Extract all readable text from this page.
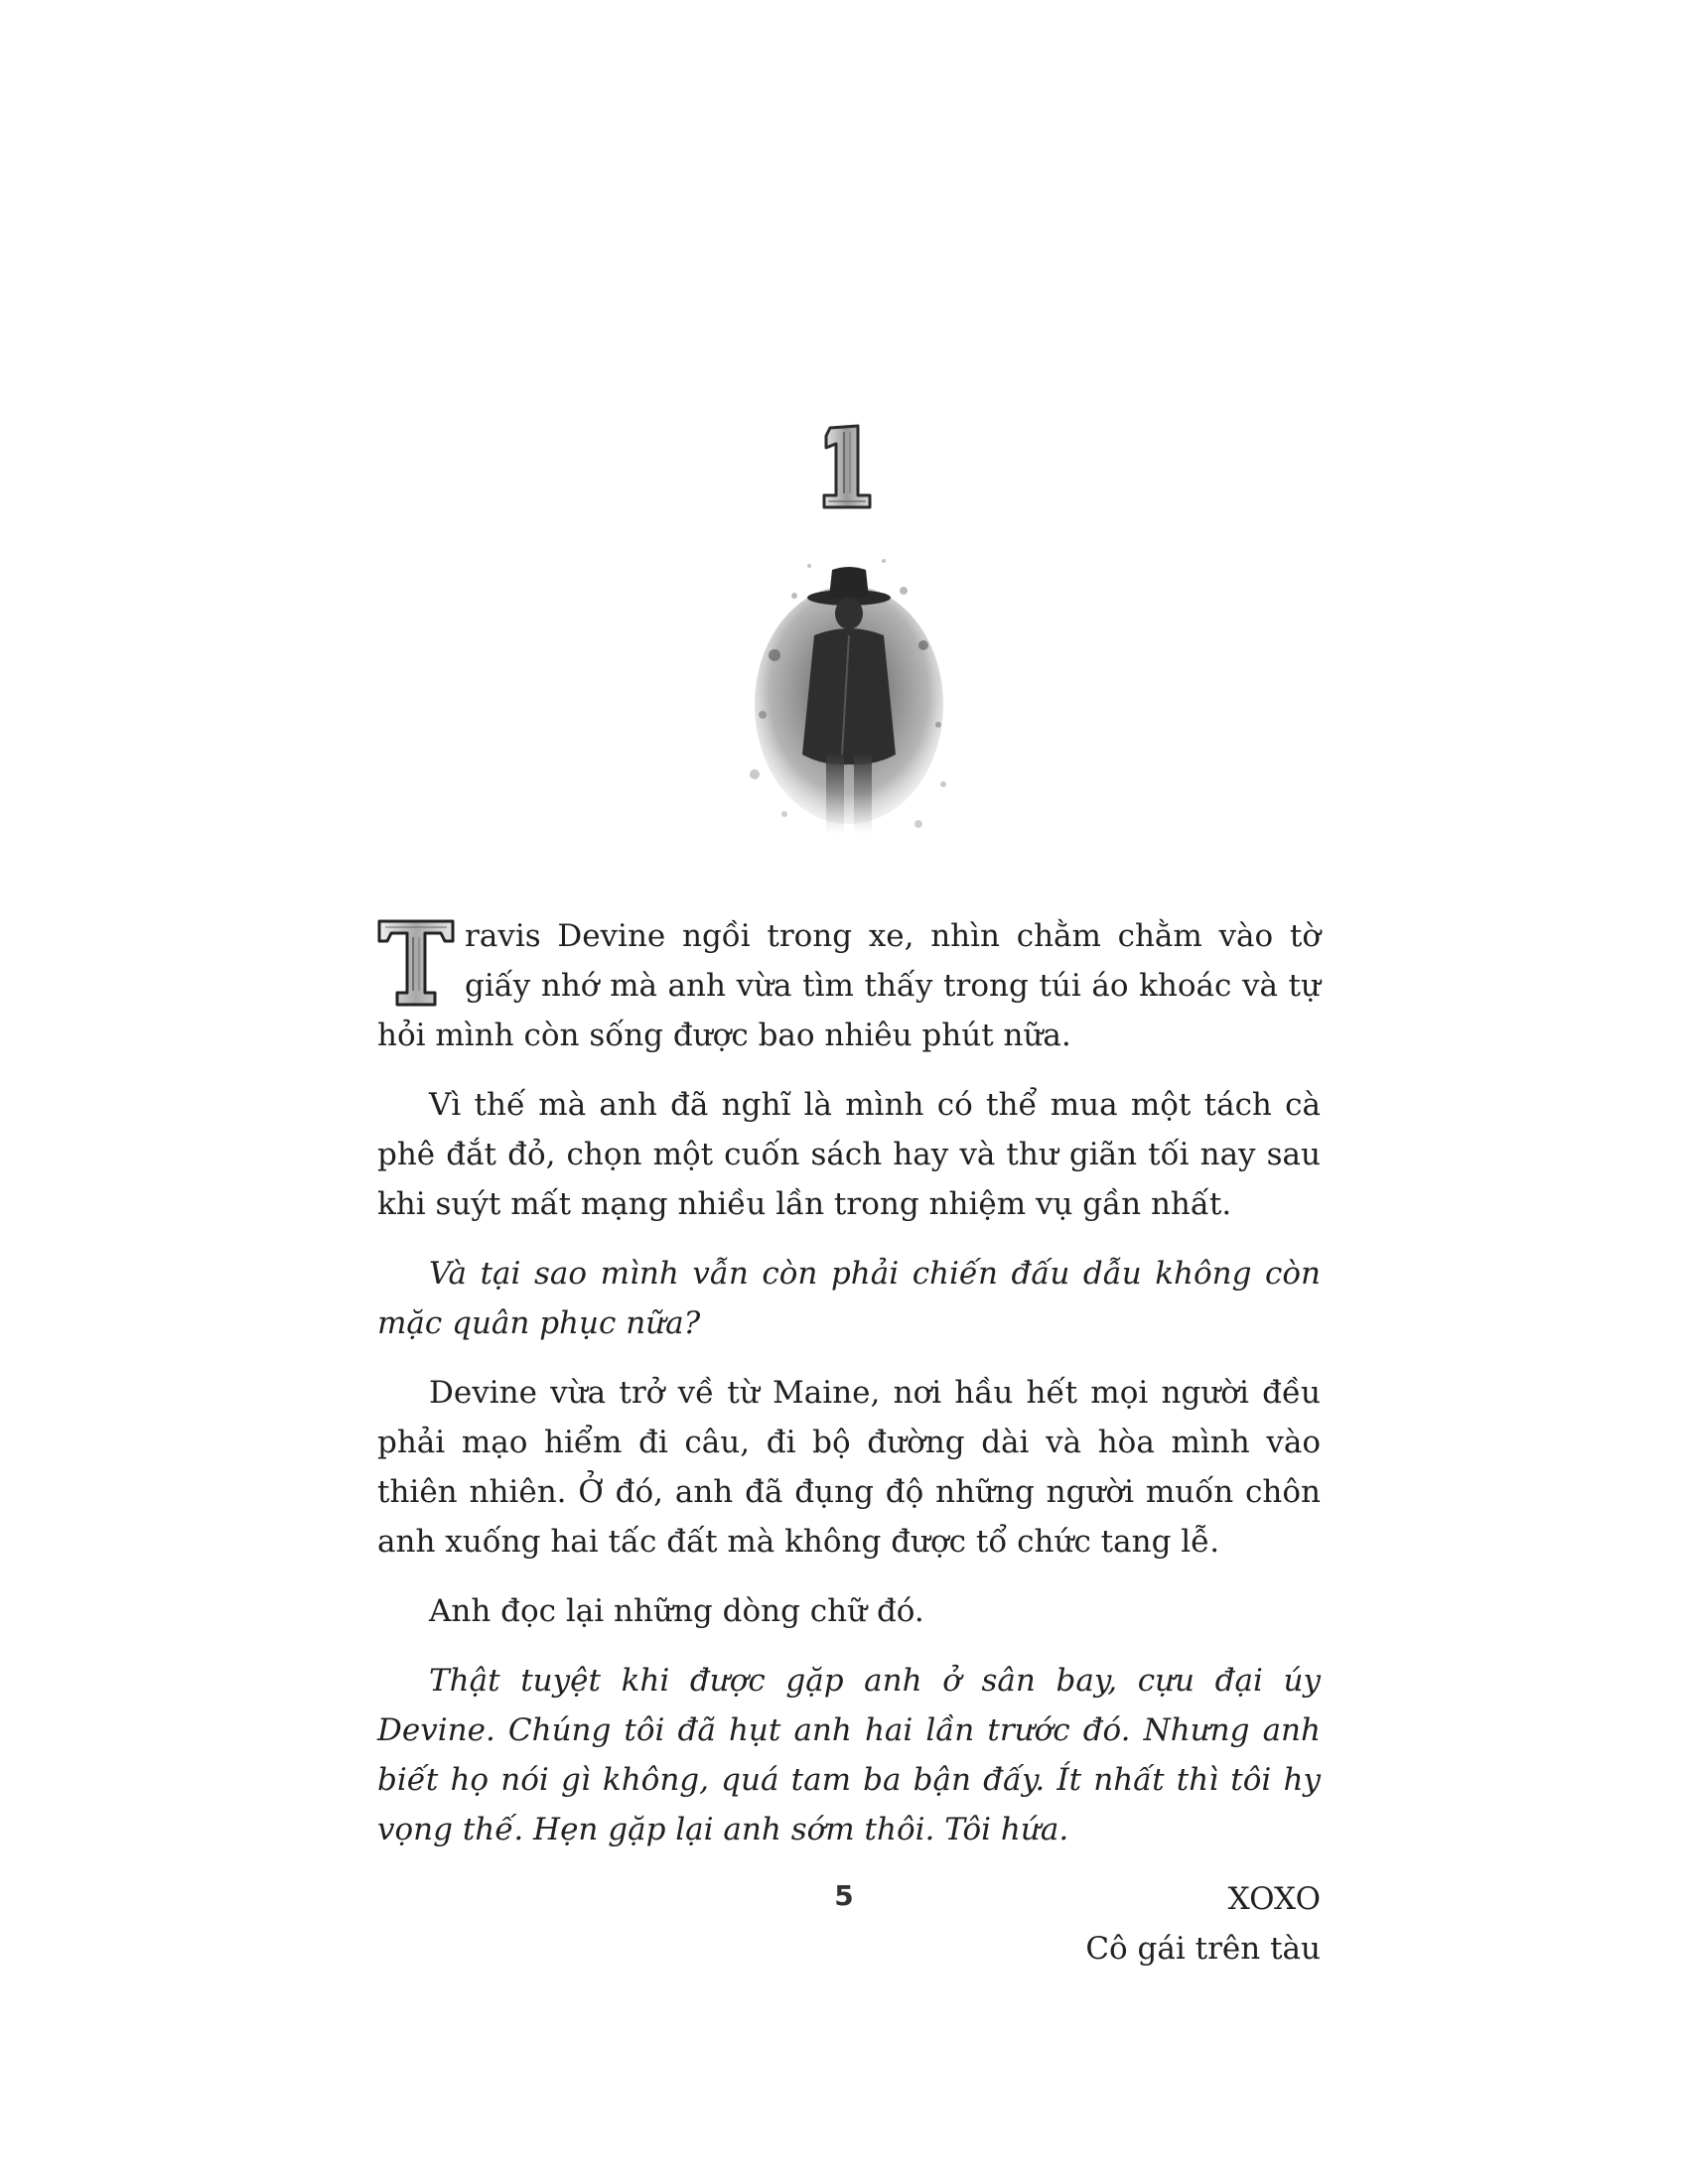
ravis Devine ngồi trong xe, nhìn chằm chằm vào tờ giấy nhớ mà anh vừa tìm thấy trong túi áo khoác và tự hỏi mình còn sống được bao nhiêu phút nữa.

Vì thế mà anh đã nghĩ là mình có thể mua một tách cà phê đắt đỏ, chọn một cuốn sách hay và thư giãn tối nay sau khi suýt mất mạng nhiều lần trong nhiệm vụ gần nhất.

Và tại sao mình vẫn còn phải chiến đấu dẫu không còn mặc quân phục nữa?

Devine vừa trở về từ Maine, nơi hầu hết mọi người đều phải mạo hiểm đi câu, đi bộ đường dài và hòa mình vào thiên nhiên. Ở đó, anh đã đụng độ những người muốn chôn anh xuống hai tấc đất mà không được tổ chức tang lễ.

Anh đọc lại những dòng chữ đó.

Thật tuyệt khi được gặp anh ở sân bay, cựu đại úy Devine. Chúng tôi đã hụt anh hai lần trước đó. Nhưng anh biết họ nói gì không, quá tam ba bận đấy. Ít nhất thì tôi hy vọng thế. Hẹn gặp lại anh sớm thôi. Tôi hứa.

XOXO

Cô gái trên tàu

5
